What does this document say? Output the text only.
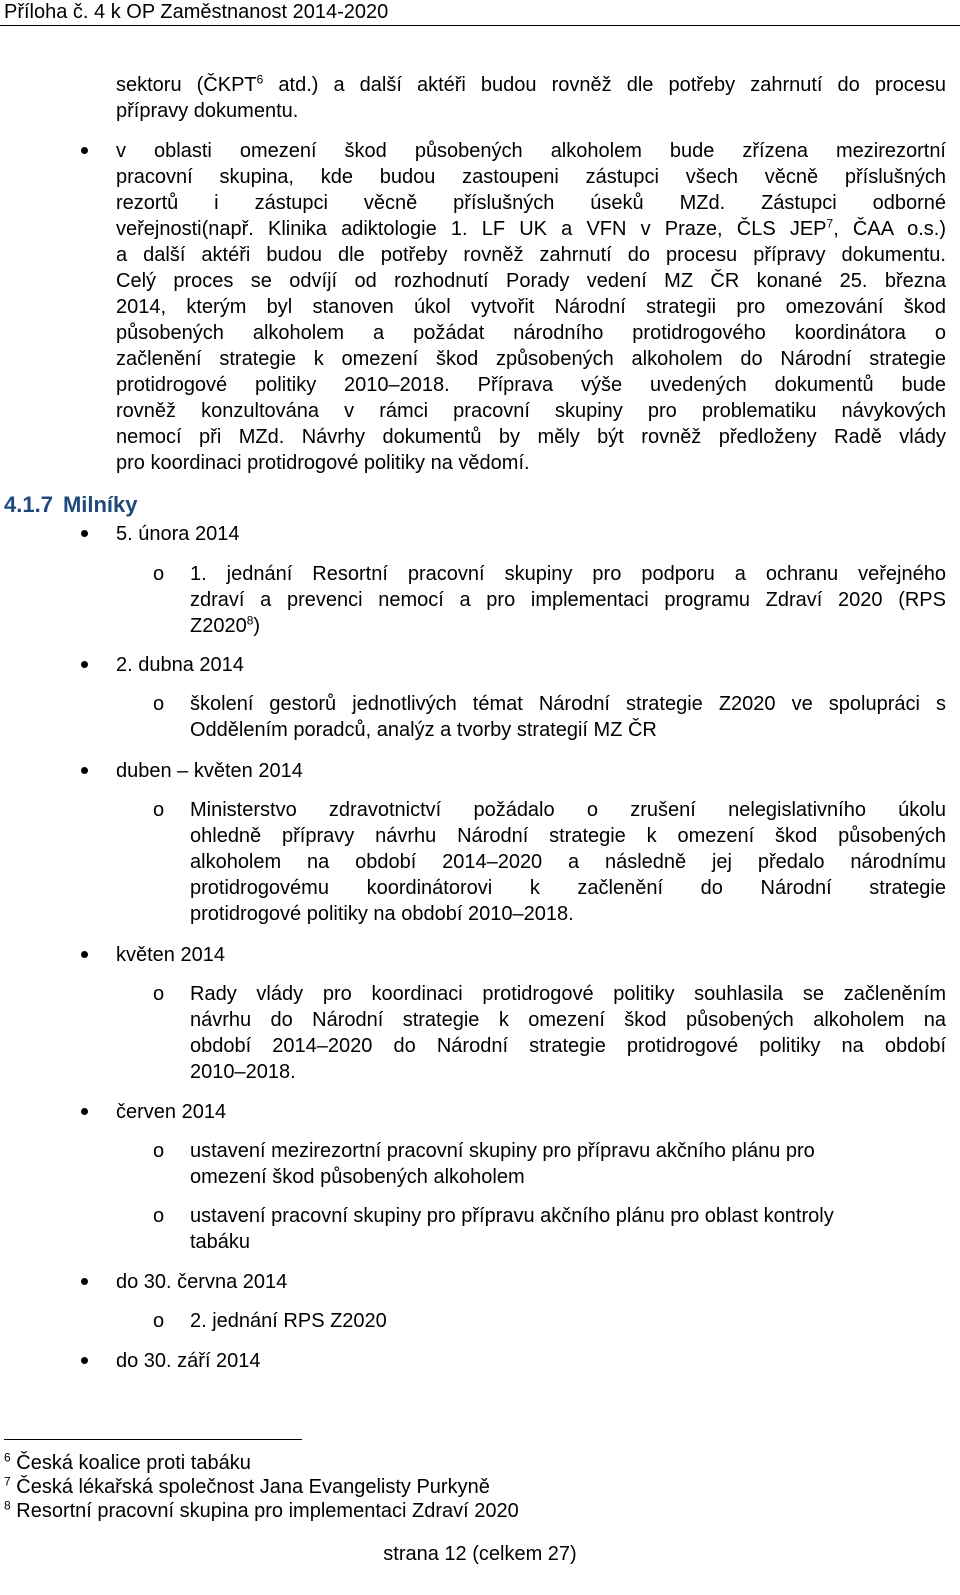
Příloha č. 4 k OP Zaměstnanost 2014-2020
sektoru (ČKPT$^6$ atd.) a další aktéři budou rovněž dle potřeby zahrnutí do procesu
přípravy dokumentu.
v oblasti omezení škod působených alkoholem bude zřízena mezirezortní
pracovní skupina, kde budou zastoupeni zástupci všech věcně příslušných
rezortů i zástupci věcně příslušných úseků MZd. Zástupci odborné
veřejnosti(např. Klinika adiktologie 1. LF UK a VFN v Praze, ČLS JEP$^7$, ČAA o.s.)
a další aktéři budou dle potřeby rovněž zahrnutí do procesu přípravy dokumentu.
Celý proces se odvíjí od rozhodnutí Porady vedení MZ ČR konané 25. března
2014, kterým byl stanoven úkol vytvořit Národní strategii pro omezování škod
působených alkoholem a požádat národního protidrogového koordinátora o
začlenění strategie k omezení škod způsobených alkoholem do Národní strategie
protidrogové politiky 2010–2018. Příprava výše uvedených dokumentů bude
rovněž konzultována v rámci pracovní skupiny pro problematiku návykových
nemocí při MZd. Návrhy dokumentů by měly být rovněž předloženy Radě vlády
pro koordinaci protidrogové politiky na vědomí.
4.1.7 Milníky
5. února 2014
o 1. jednání Resortní pracovní skupiny pro podporu a ochranu veřejného
zdraví a prevenci nemocí a pro implementaci programu Zdraví 2020 (RPS
Z2020$^8$)
2. dubna 2014
o školení gestorů jednotlivých témat Národní strategie Z2020 ve spolupráci s
Oddělením poradců, analýz a tvorby strategií MZ ČR
duben – květen 2014
o Ministerstvo zdravotnictví požádalo o zrušení nelegislativního úkolu
ohledně přípravy návrhu Národní strategie k omezení škod působených
alkoholem na období 2014–2020 a následně jej předalo národnímu
protidrogovému koordinátorovi k začlenění do Národní strategie
protidrogové politiky na období 2010–2018.
květen 2014
o Rady vlády pro koordinaci protidrogové politiky souhlasila se začleněním
návrhu do Národní strategie k omezení škod působených alkoholem na
období 2014–2020 do Národní strategie protidrogové politiky na období
2010–2018.
červen 2014
o ustavení mezirezortní pracovní skupiny pro přípravu akčního plánu pro
omezení škod působených alkoholem
o ustavení pracovní skupiny pro přípravu akčního plánu pro oblast kontroly
tabáku
do 30. června 2014
o 2. jednání RPS Z2020
do 30. září 2014
$^6$ Česká koalice proti tabáku
$^7$ Česká lékařská společnost Jana Evangelisty Purkyně
$^8$ Resortní pracovní skupina pro implementaci Zdraví 2020
strana 12 (celkem 27)
